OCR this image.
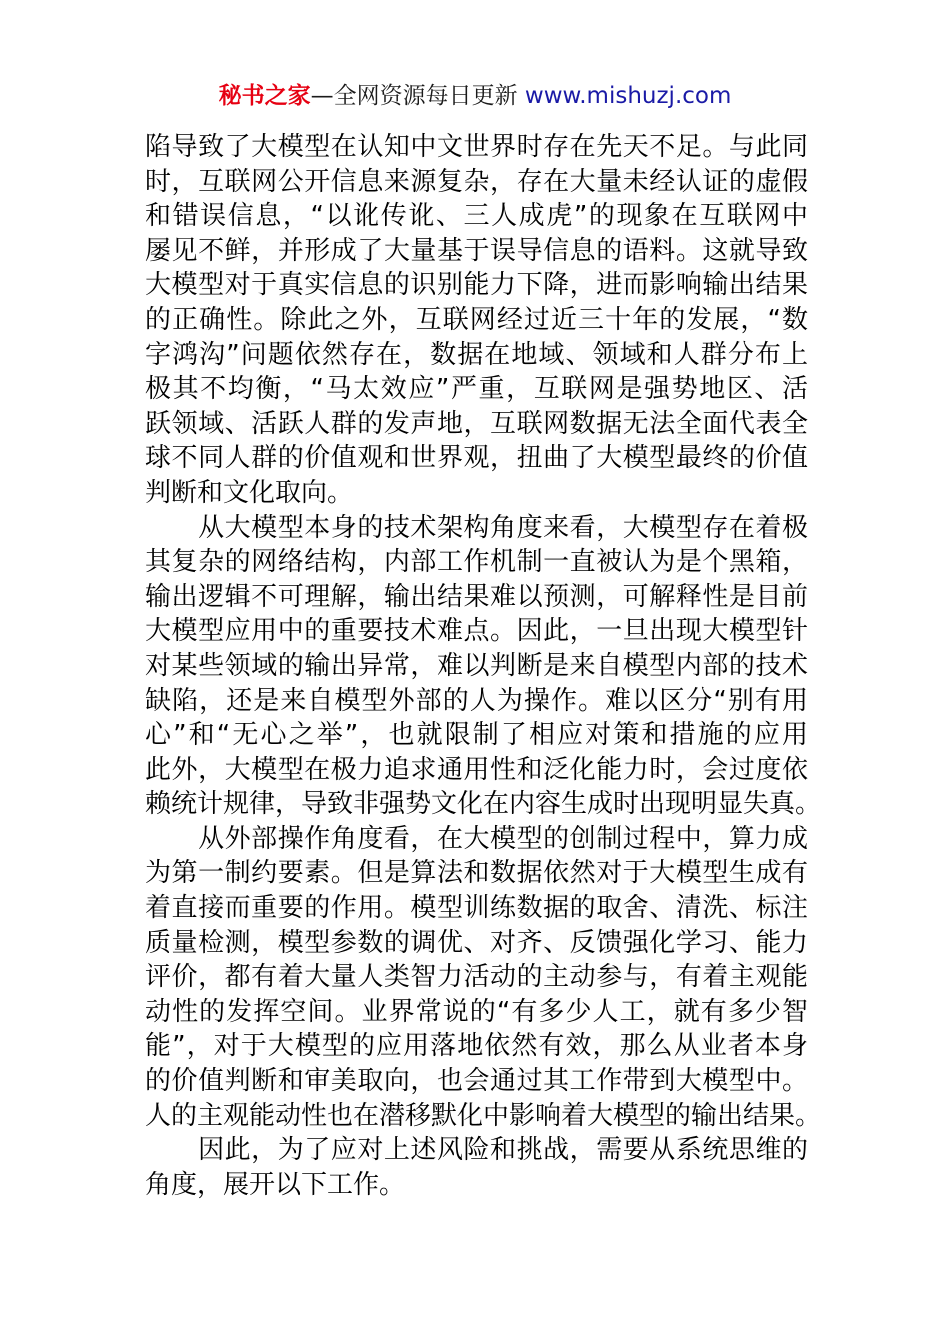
秘书之家—全网资源每日更新 www.mishuzj.com
陷导致了大模型在认知中文世界时存在先天不足。与此同
时，互联网公开信息来源复杂，存在大量未经认证的虚假
和错误信息，“以讹传讹、三人成虎”的现象在互联网中
屡见不鲜，并形成了大量基于误导信息的语料。这就导致
大模型对于真实信息的识别能力下降，进而影响输出结果
的正确性。除此之外，互联网经过近三十年的发展，“数
字鸿沟”问题依然存在，数据在地域、领域和人群分布上
极其不均衡，“马太效应”严重，互联网是强势地区、活
跃领域、活跃人群的发声地，互联网数据无法全面代表全
球不同人群的价值观和世界观，扭曲了大模型最终的价值
判断和文化取向。
　　从大模型本身的技术架构角度来看，大模型存在着极
其复杂的网络结构，内部工作机制一直被认为是个黑箱，
输出逻辑不可理解，输出结果难以预测，可解释性是目前
大模型应用中的重要技术难点。因此，一旦出现大模型针
对某些领域的输出异常，难以判断是来自模型内部的技术
缺陷，还是来自模型外部的人为操作。难以区分“别有用
心”和“无心之举”，也就限制了相应对策和措施的应用
此外，大模型在极力追求通用性和泛化能力时，会过度依
赖统计规律，导致非强势文化在内容生成时出现明显失真。
　　从外部操作角度看，在大模型的创制过程中，算力成
为第一制约要素。但是算法和数据依然对于大模型生成有
着直接而重要的作用。模型训练数据的取舍、清洗、标注
质量检测，模型参数的调优、对齐、反馈强化学习、能力
评价，都有着大量人类智力活动的主动参与，有着主观能
动性的发挥空间。业界常说的“有多少人工，就有多少智
能”，对于大模型的应用落地依然有效，那么从业者本身
的价值判断和审美取向，也会通过其工作带到大模型中。
人的主观能动性也在潜移默化中影响着大模型的输出结果。
　　因此，为了应对上述风险和挑战，需要从系统思维的
角度，展开以下工作。
